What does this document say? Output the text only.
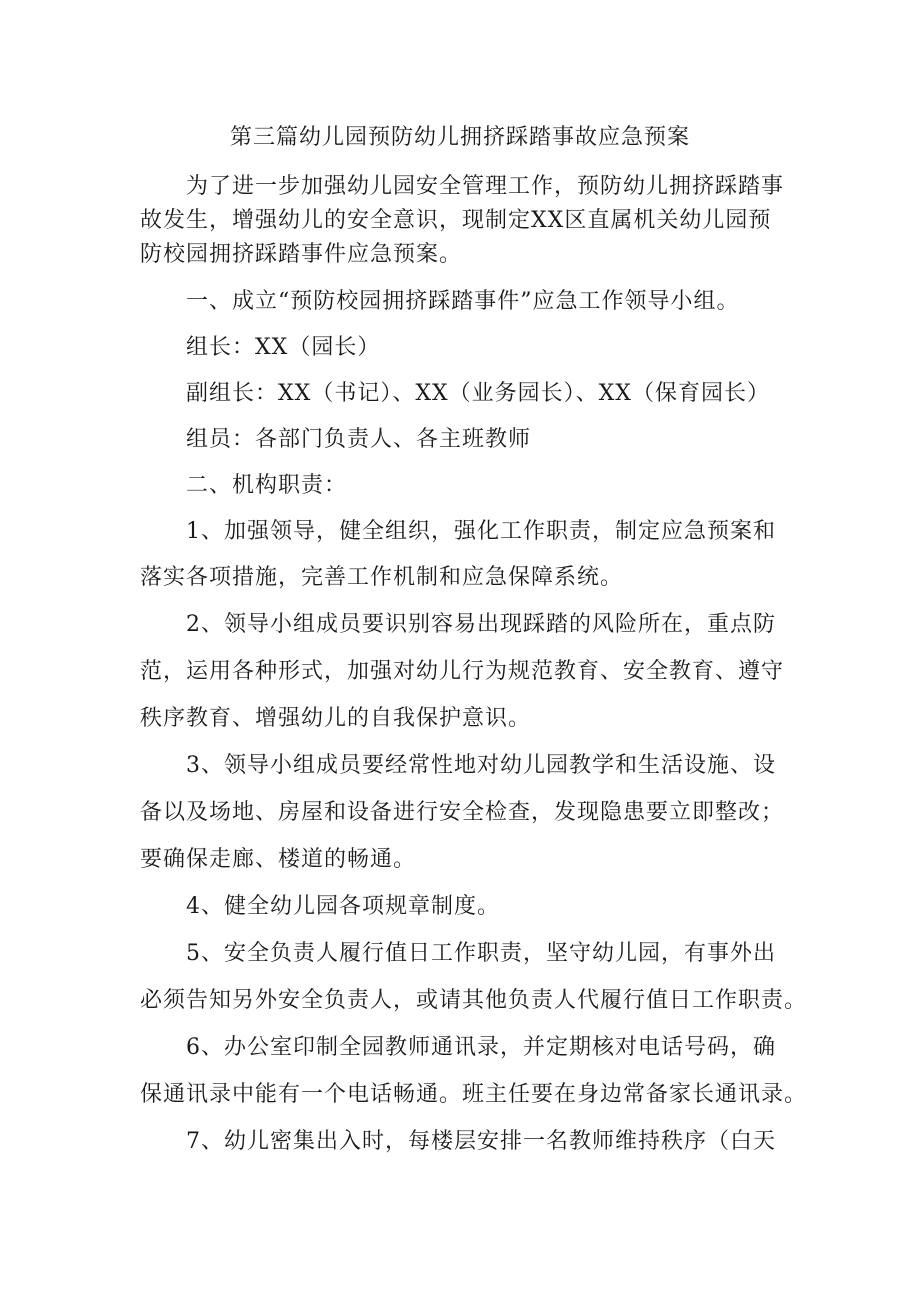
第三篇幼儿园预防幼儿拥挤踩踏事故应急预案
为了进一步加强幼儿园安全管理工作，预防幼儿拥挤踩踏事
故发生，增强幼儿的安全意识，现制定XX区直属机关幼儿园预
防校园拥挤踩踏事件应急预案。
一、成立“预防校园拥挤踩踏事件”应急工作领导小组。
组长：XX（园长）
副组长：XX（书记）、XX（业务园长）、XX（保育园长）
组员：各部门负责人、各主班教师
二、机构职责：
1、加强领导，健全组织，强化工作职责，制定应急预案和
落实各项措施，完善工作机制和应急保障系统。
2、领导小组成员要识别容易出现踩踏的风险所在，重点防
范，运用各种形式，加强对幼儿行为规范教育、安全教育、遵守
秩序教育、增强幼儿的自我保护意识。
3、领导小组成员要经常性地对幼儿园教学和生活设施、设
备以及场地、房屋和设备进行安全检查，发现隐患要立即整改；
要确保走廊、楼道的畅通。
4、健全幼儿园各项规章制度。
5、安全负责人履行值日工作职责，坚守幼儿园，有事外出
必须告知另外安全负责人，或请其他负责人代履行值日工作职责。
6、办公室印制全园教师通讯录，并定期核对电话号码，确
保通讯录中能有一个电话畅通。班主任要在身边常备家长通讯录。
7、幼儿密集出入时，每楼层安排一名教师维持秩序（白天
